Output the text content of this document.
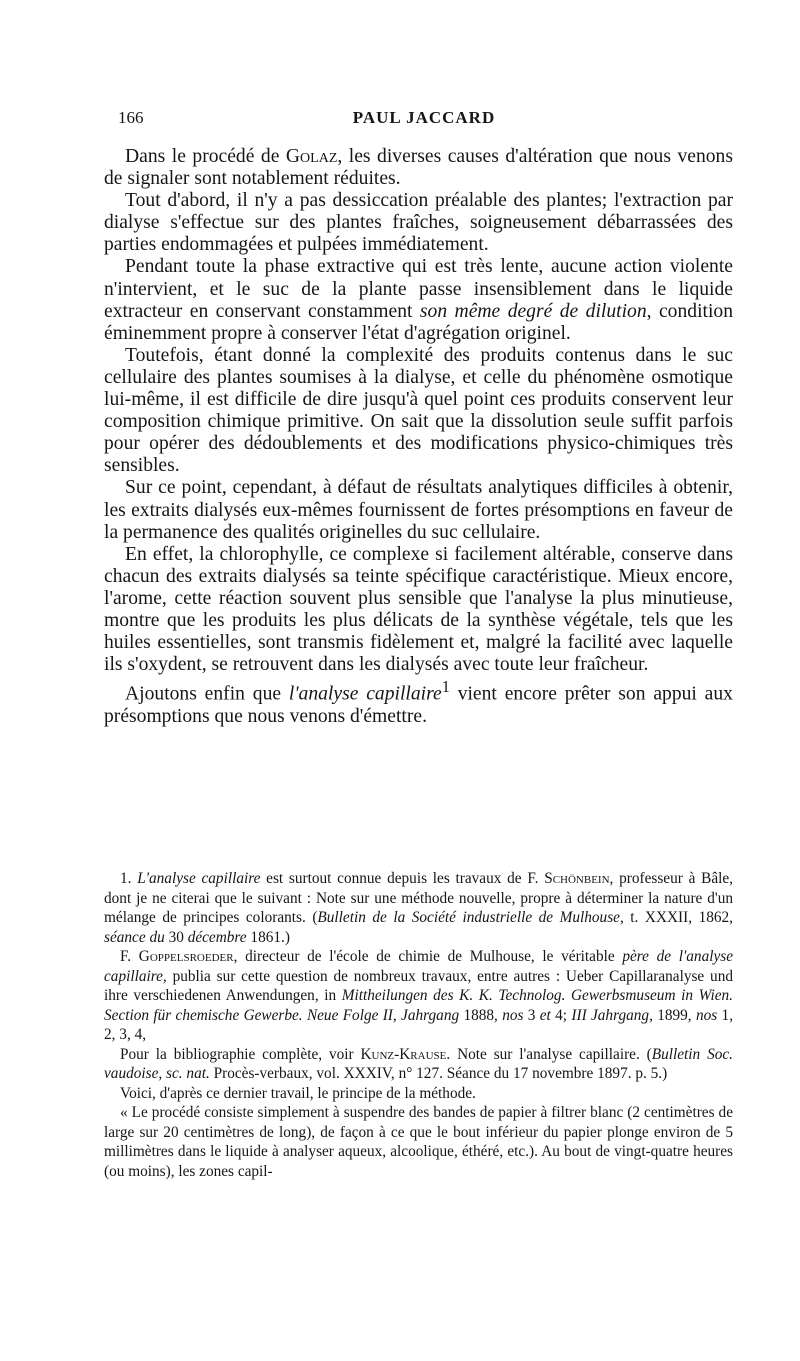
166	PAUL JACCARD

Dans le procédé de Golaz, les diverses causes d'altération que nous venons de signaler sont notablement réduites.

Tout d'abord, il n'y a pas dessiccation préalable des plantes; l'extraction par dialyse s'effectue sur des plantes fraîches, soigneusement débarrassées des parties endommagées et pulpées immédiatement.

Pendant toute la phase extractive qui est très lente, aucune action violente n'intervient, et le suc de la plante passe insensiblement dans le liquide extracteur en conservant constamment son même degré de dilution, condition éminemment propre à conserver l'état d'agrégation originel.

Toutefois, étant donné la complexité des produits contenus dans le suc cellulaire des plantes soumises à la dialyse, et celle du phénomène osmotique lui-même, il est difficile de dire jusqu'à quel point ces produits conservent leur composition chimique primitive. On sait que la dissolution seule suffit parfois pour opérer des dédoublements et des modifications physico-chimiques très sensibles.

Sur ce point, cependant, à défaut de résultats analytiques difficiles à obtenir, les extraits dialysés eux-mêmes fournissent de fortes présomptions en faveur de la permanence des qualités originelles du suc cellulaire.

En effet, la chlorophylle, ce complexe si facilement altérable, conserve dans chacun des extraits dialysés sa teinte spécifique caractéristique. Mieux encore, l'arome, cette réaction souvent plus sensible que l'analyse la plus minutieuse, montre que les produits les plus délicats de la synthèse végétale, tels que les huiles essentielles, sont transmis fidèlement et, malgré la facilité avec laquelle ils s'oxydent, se retrouvent dans les dialysés avec toute leur fraîcheur.

Ajoutons enfin que l'analyse capillaire$^1$ vient encore prêter son appui aux présomptions que nous venons d'émettre.

1. L'analyse capillaire est surtout connue depuis les travaux de F. Schönbein, professeur à Bâle, dont je ne citerai que le suivant : Note sur une méthode nouvelle, propre à déterminer la nature d'un mélange de principes colorants. (Bulletin de la Société industrielle de Mulhouse, t. XXXII, 1862, séance du 30 décembre 1861.)

F. Goppelsroeder, directeur de l'école de chimie de Mulhouse, le véritable père de l'analyse capillaire, publia sur cette question de nombreux travaux, entre autres : Ueber Capillaranalyse und ihre verschiedenen Anwendungen, in Mittheilungen des K. K. Technolog. Gewerbsmuseum in Wien. Section für chemische Gewerbe. Neue Folge II, Jahrgang 1888, nos 3 et 4; III Jahrgang, 1899, nos 1, 2, 3, 4,

Pour la bibliographie complète, voir Kunz-Krause. Note sur l'analyse capillaire. (Bulletin Soc. vaudoise, sc. nat. Procès-verbaux, vol. XXXIV, n° 127. Séance du 17 novembre 1897. p. 5.)

Voici, d'après ce dernier travail, le principe de la méthode.

« Le procédé consiste simplement à suspendre des bandes de papier à filtrer blanc (2 centimètres de large sur 20 centimètres de long), de façon à ce que le bout inférieur du papier plonge environ de 5 millimètres dans le liquide à analyser aqueux, alcoolique, éthéré, etc.). Au bout de vingt-quatre heures (ou moins), les zones capil-
